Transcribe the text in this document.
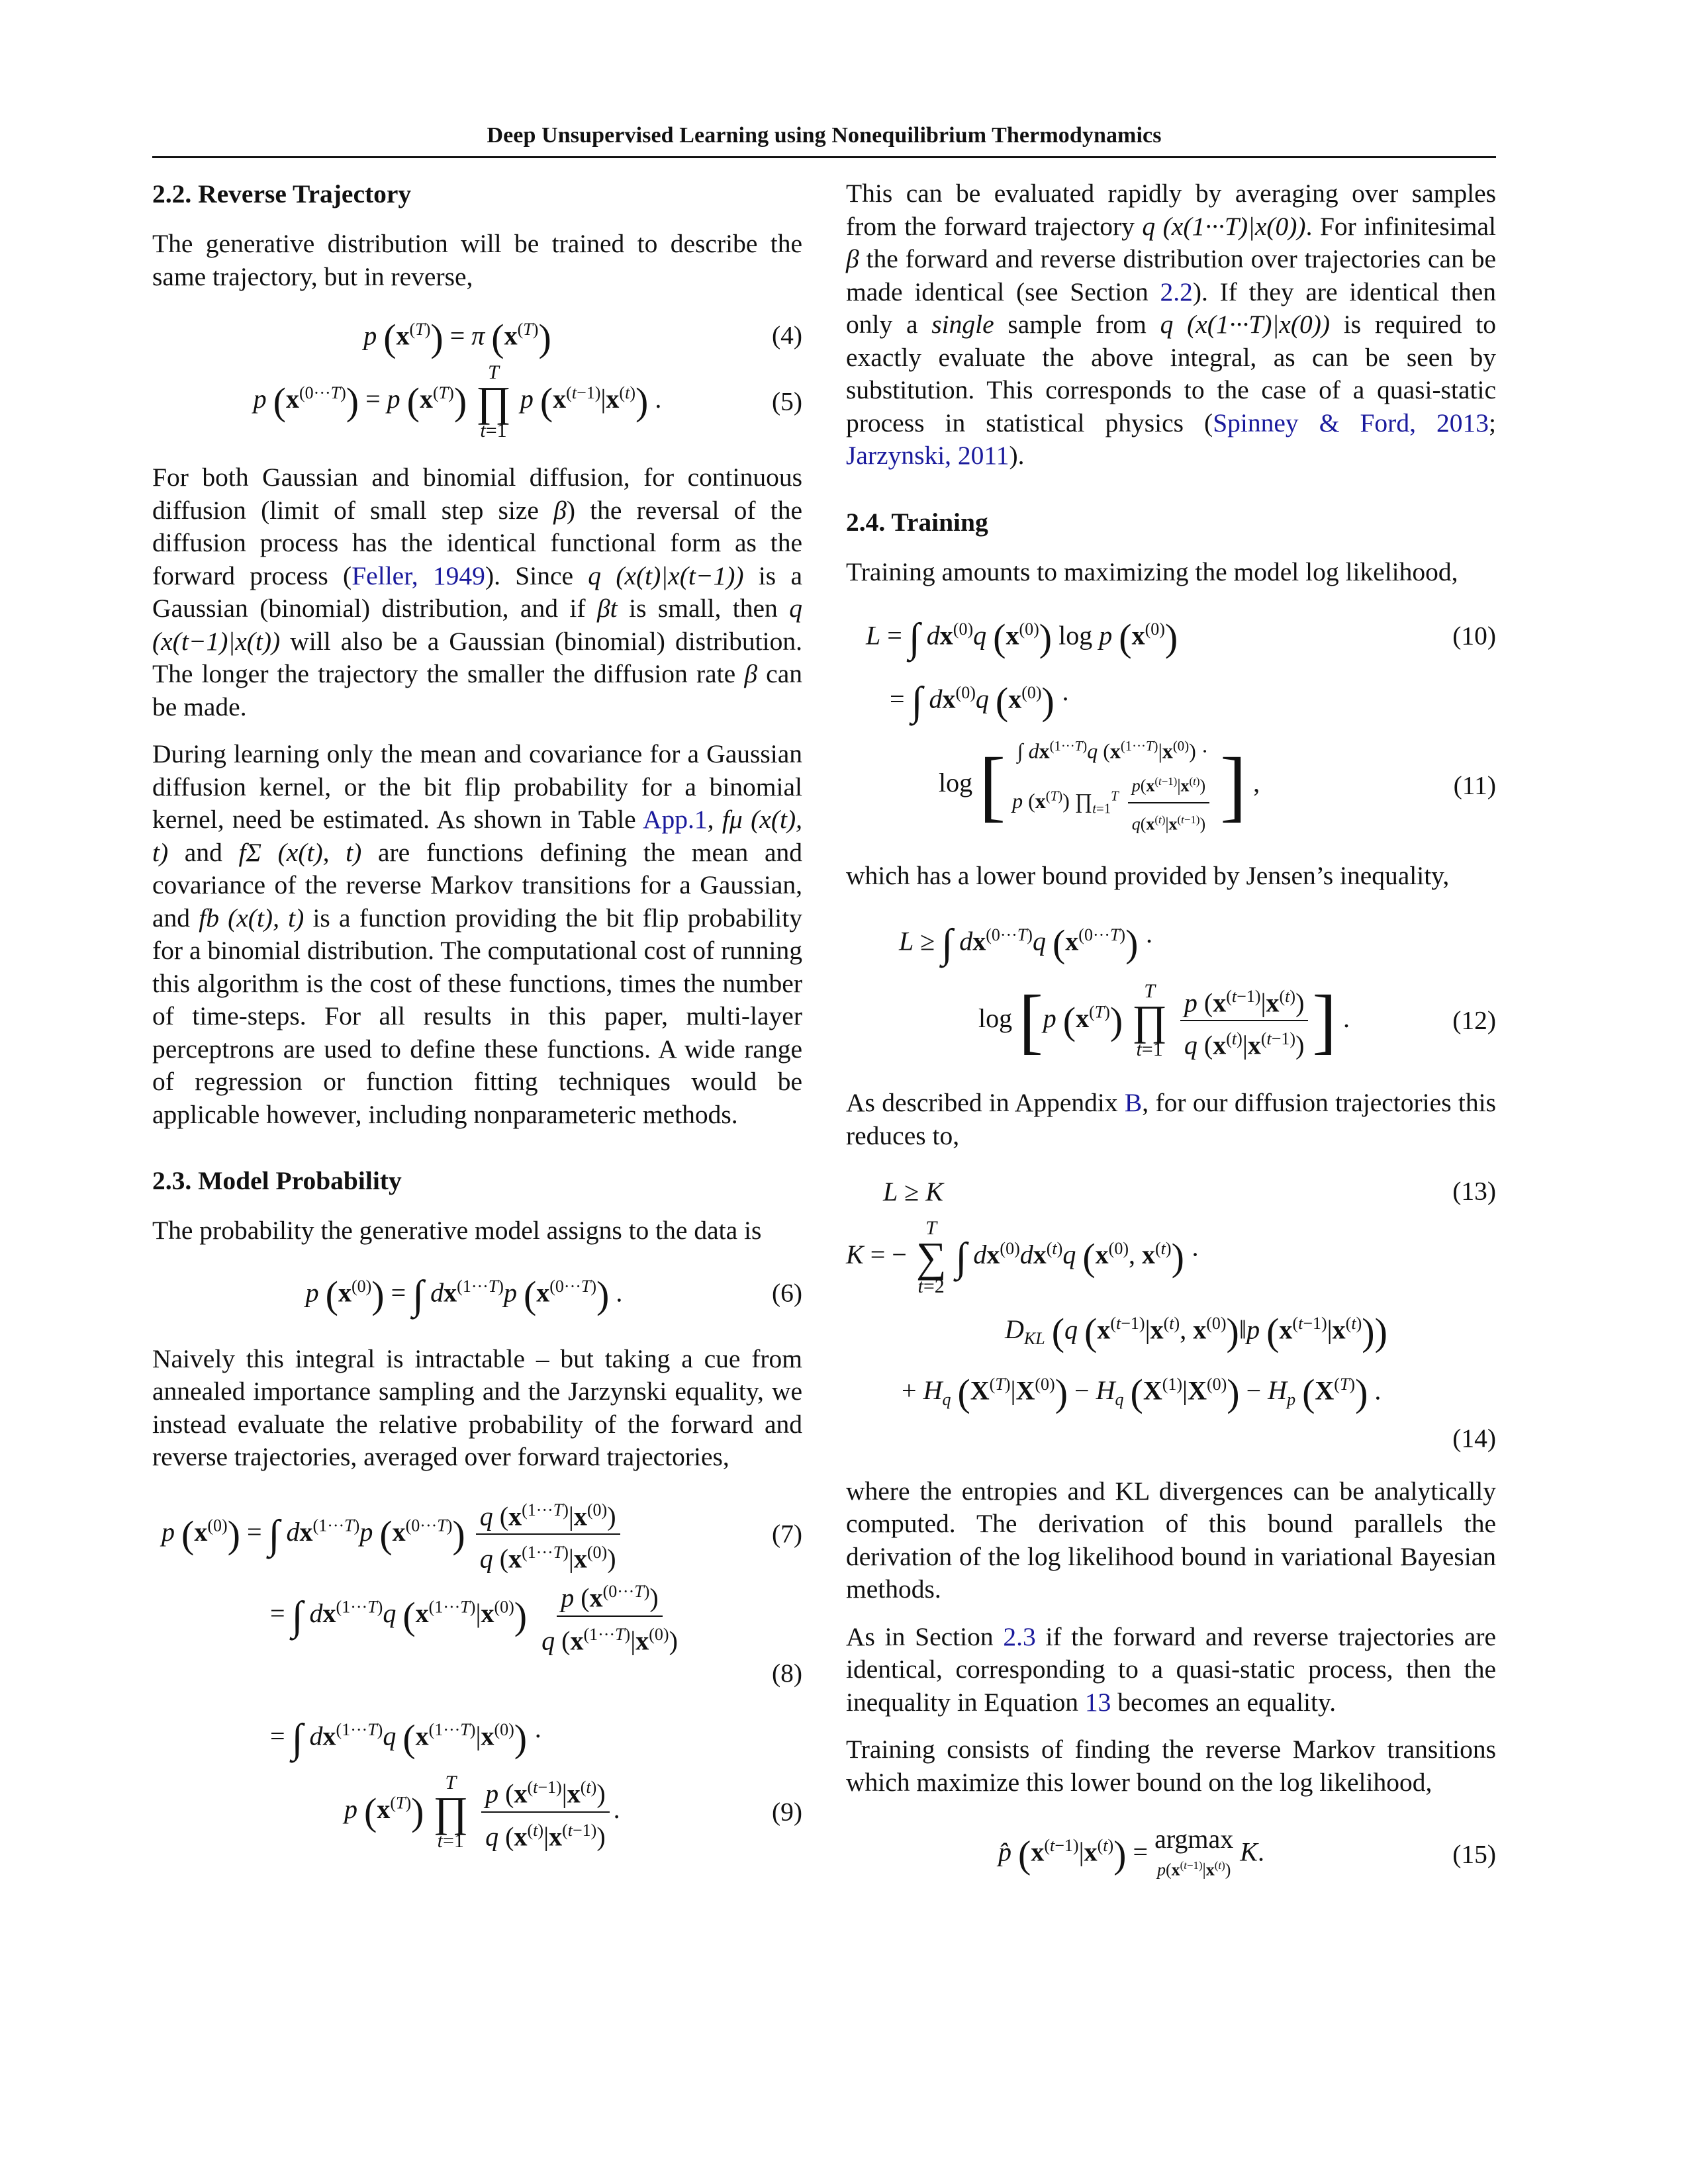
Deep Unsupervised Learning using Nonequilibrium Thermodynamics
2.2. Reverse Trajectory

The generative distribution will be trained to describe the same trajectory, but in reverse,

p $(x^{(T)}) = \pi$ $(x^{(T)})$	(4)
p $(x^{(0\cdot\cdot\cdot T)}) = p$ $(x^{(T)})$
T
∏
t=1
p $(x^{(t-1)}|x^{(t)})$ .	(5)

For both Gaussian and binomial diffusion, for continuous diffusion (limit of small step size β) the reversal of the diffusion process has the identical functional form as the forward process (Feller, 1949). Since q (x(t)|x(t−1)) is a Gaussian (binomial) distribution, and if βt is small, then q (x(t−1)|x(t)) will also be a Gaussian (binomial) distribution. The longer the trajectory the smaller the diffusion rate β can be made.

During learning only the mean and covariance for a Gaussian diffusion kernel, or the bit flip probability for a binomial kernel, need be estimated. As shown in Table App.1, fμ (x(t), t) and fΣ (x(t), t) are functions defining the mean and covariance of the reverse Markov transitions for a Gaussian, and fb (x(t), t) is a function providing the bit flip probability for a binomial distribution. The computational cost of running this algorithm is the cost of these functions, times the number of time-steps. For all results in this paper, multi-layer perceptrons are used to define these functions. A wide range of regression or function fitting techniques would be applicable however, including nonparameteric methods.

2.3. Model Probability

The probability the generative model assigns to the data is

p $(x^{(0)})$ = ∫ $dx^{(1\cdot\cdot\cdot T)}p$ $(x^{(0\cdot\cdot\cdot T)})$ .	(6)

Naively this integral is intractable – but taking a cue from annealed importance sampling and the Jarzynski equality, we instead evaluate the relative probability of the forward and reverse trajectories, averaged over forward trajectories,

p $(x^{(0)})$ = ∫ $dx^{(1\cdot\cdot\cdot T)}p$ $(x^{(0\cdot\cdot\cdot T)}) \frac{q (x^{(1\cdot\cdot\cdot T)}|x^{(0)})}{q (x^{(1\cdot\cdot\cdot T)}|x^{(0)})}$	(7)
= ∫ $dx^{(1\cdot\cdot\cdot T)}q$ $(x^{(1\cdot\cdot\cdot T)}|x^{(0)}) \frac{p (x^{(0\cdot\cdot\cdot T)})}{q (x^{(1\cdot\cdot\cdot T)}|x^{(0)})}$
(8)
= ∫ $dx^{(1\cdot\cdot\cdot T)}q$ $(x^{(1\cdot\cdot\cdot T)}|x^{(0)})$ ·
p $(x^{(T)})$
T
∏
t=1
$\frac{p (x^{(t-1)}|x^{(t)})}{q (x^{(t)}|x^{(t-1)})}$ .	(9)

This can be evaluated rapidly by averaging over samples from the forward trajectory q (x(1···T)|x(0)). For infinitesimal β the forward and reverse distribution over trajectories can be made identical (see Section 2.2). If they are identical then only a single sample from q (x(1···T)|x(0)) is required to exactly evaluate the above integral, as can be seen by substitution. This corresponds to the case of a quasi-static process in statistical physics (Spinney & Ford, 2013; Jarzynski, 2011).

2.4. Training

Training amounts to maximizing the model log likelihood,

L = ∫ $dx^{(0)}q$ $(x^{(0)})$ log p $(x^{(0)})$	(10)
= ∫ $dx^{(0)}q$ $(x^{(0)})$ ·
log [ ∫ $dx^{(1\cdot\cdot\cdot T)}q$ $(x^{(1\cdot\cdot\cdot T)}|x^{(0)})$ ·
p $(x^{(T)})$ $\prod_{t=1}^T \frac{p(x^{(t-1)}|x^{(t)})}{q(x^{(t)}|x^{(t-1)})}$ ] ,	(11)

which has a lower bound provided by Jensen’s inequality,

L ≥ ∫ $dx^{(0\cdot\cdot\cdot T)}q$ $(x^{(0\cdot\cdot\cdot T)})$ ·
log [p $(x^{(T)})$
T
∏
t=1
$\frac{p (x^{(t-1)}|x^{(t)})}{q (x^{(t)}|x^{(t-1)})}$ ] .	(12)

As described in Appendix B, for our diffusion trajectories this reduces to,

L ≥ K	(13)
K = −
T
∑
t=2
∫ $dx^{(0)}dx^{(t)}q$ ($x^{(0)}$, $x^{(t)}$) ·
$D_{KL}$ (q ($x^{(t-1)}|x^{(t)}$, $x^{(0)})‖p$ $(x^{(t-1)}|x^{(t)})$)
+ $H_q$ $(X^{(T)}|X^{(0)}) - H_q$ $(X^{(1)}|X^{(0)}) - H_p$ $(X^{(T)})$ .
(14)

where the entropies and KL divergences can be analytically computed. The derivation of this bound parallels the derivation of the log likelihood bound in variational Bayesian methods.

As in Section 2.3 if the forward and reverse trajectories are identical, corresponding to a quasi-static process, then the inequality in Equation 13 becomes an equality.

Training consists of finding the reverse Markov transitions which maximize this lower bound on the log likelihood,

p̂ $(x^{(t-1)}|x^{(t)}) = argmax$
$p(x^{(t-1)}|x^{(t)})$
K.	(15)
